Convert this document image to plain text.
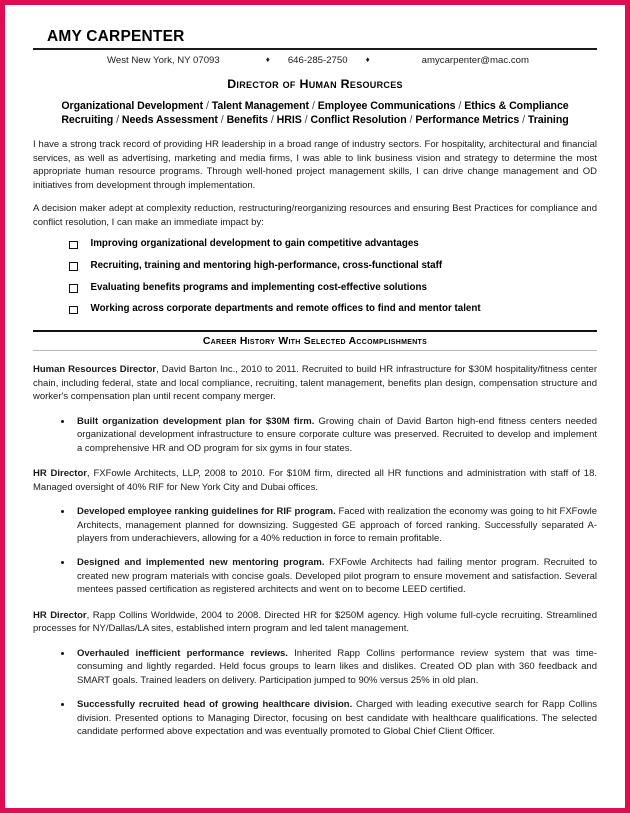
AMY CARPENTER
West New York, NY 07093	♦ 646-285-2750 ♦	amycarpenter@mac.com
Director of Human Resources
Organizational Development / Talent Management / Employee Communications / Ethics & Compliance
Recruiting / Needs Assessment / Benefits / HRIS / Conflict Resolution / Performance Metrics / Training
I have a strong track record of providing HR leadership in a broad range of industry sectors. For hospitality, architectural and financial services, as well as advertising, marketing and media firms, I was able to link business vision and strategy to determine the most appropriate human resource programs. Through well-honed project management skills, I can drive change management and OD initiatives from development through implementation.
A decision maker adept at complexity reduction, restructuring/reorganizing resources and ensuring Best Practices for compliance and conflict resolution, I can make an immediate impact by:
Improving organizational development to gain competitive advantages
Recruiting, training and mentoring high-performance, cross-functional staff
Evaluating benefits programs and implementing cost-effective solutions
Working across corporate departments and remote offices to find and mentor talent
Career History With Selected Accomplishments
Human Resources Director, David Barton Inc., 2010 to 2011. Recruited to build HR infrastructure for $30M hospitality/fitness center chain, including federal, state and local compliance, recruiting, talent management, benefits plan design, compensation structure and worker's compensation plan until recent company merger.
Built organization development plan for $30M firm. Growing chain of David Barton high-end fitness centers needed organizational development infrastructure to ensure corporate culture was preserved. Recruited to develop and implement a comprehensive HR and OD program for six gyms in four states.
HR Director, FXFowle Architects, LLP, 2008 to 2010. For $10M firm, directed all HR functions and administration with staff of 18. Managed oversight of 40% RIF for New York City and Dubai offices.
Developed employee ranking guidelines for RIF program. Faced with realization the economy was going to hit FXFowle Architects, management planned for downsizing. Suggested GE approach of forced ranking. Successfully separated A-players from underachievers, allowing for a 40% reduction in force to remain profitable.
Designed and implemented new mentoring program. FXFowle Architects had failing mentor program. Recruited to created new program materials with concise goals. Developed pilot program to ensure movement and satisfaction. Several mentees passed certification as registered architects and went on to become LEED certified.
HR Director, Rapp Collins Worldwide, 2004 to 2008. Directed HR for $250M agency. High volume full-cycle recruiting. Streamlined processes for NY/Dallas/LA sites, established intern program and led talent management.
Overhauled inefficient performance reviews. Inherited Rapp Collins performance review system that was time-consuming and lightly regarded. Held focus groups to learn likes and dislikes. Created OD plan with 360 feedback and SMART goals. Trained leaders on delivery. Participation jumped to 90% versus 25% in old plan.
Successfully recruited head of growing healthcare division. Charged with leading executive search for Rapp Collins division. Presented options to Managing Director, focusing on best candidate with healthcare qualifications. The selected candidate performed above expectation and was eventually promoted to Global Chief Client Officer.
